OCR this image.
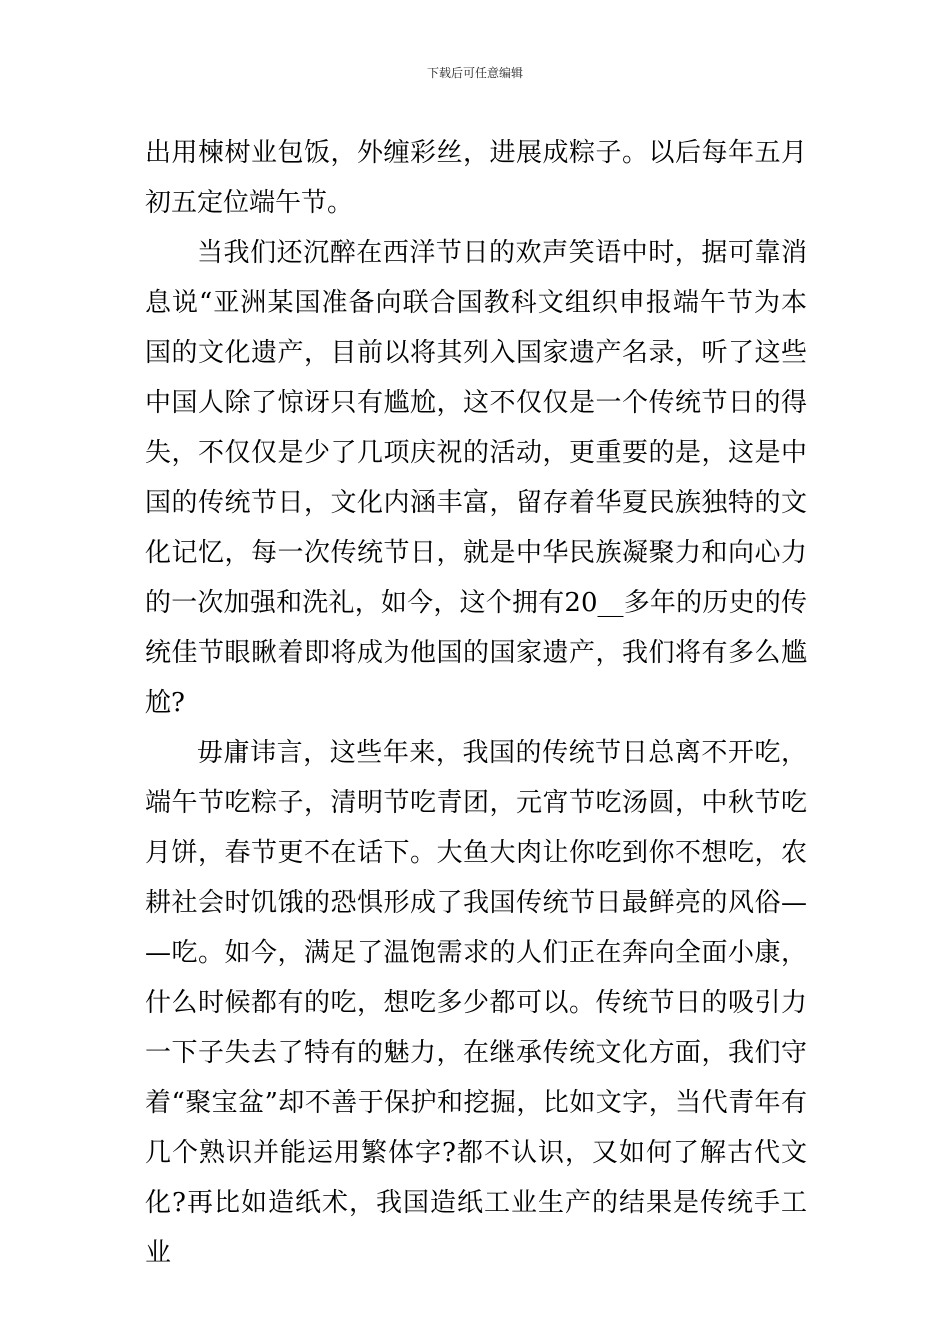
下载后可任意编辑

出用楝树业包饭，外缠彩丝，进展成粽子。以后每年五月初五定位端午节。

当我们还沉醉在西洋节日的欢声笑语中时，据可靠消息说“亚洲某国准备向联合国教科文组织申报端午节为本国的文化遗产，目前以将其列入国家遗产名录，听了这些中国人除了惊讶只有尴尬，这不仅仅是一个传统节日的得失，不仅仅是少了几项庆祝的活动，更重要的是，这是中国的传统节日，文化内涵丰富，留存着华夏民族独特的文化记忆，每一次传统节日，就是中华民族凝聚力和向心力的一次加强和洗礼，如今，这个拥有20__多年的历史的传统佳节眼瞅着即将成为他国的国家遗产，我们将有多么尴尬?

毋庸讳言，这些年来，我国的传统节日总离不开吃，端午节吃粽子，清明节吃青团，元宵节吃汤圆，中秋节吃月饼，春节更不在话下。大鱼大肉让你吃到你不想吃，农耕社会时饥饿的恐惧形成了我国传统节日最鲜亮的风俗——吃。如今，满足了温饱需求的人们正在奔向全面小康，什么时候都有的吃，想吃多少都可以。传统节日的吸引力一下子失去了特有的魅力，在继承传统文化方面，我们守着“聚宝盆”却不善于保护和挖掘，比如文字，当代青年有几个熟识并能运用繁体字?都不认识，又如何了解古代文化?再比如造纸术，我国造纸工业生产的结果是传统手工业
